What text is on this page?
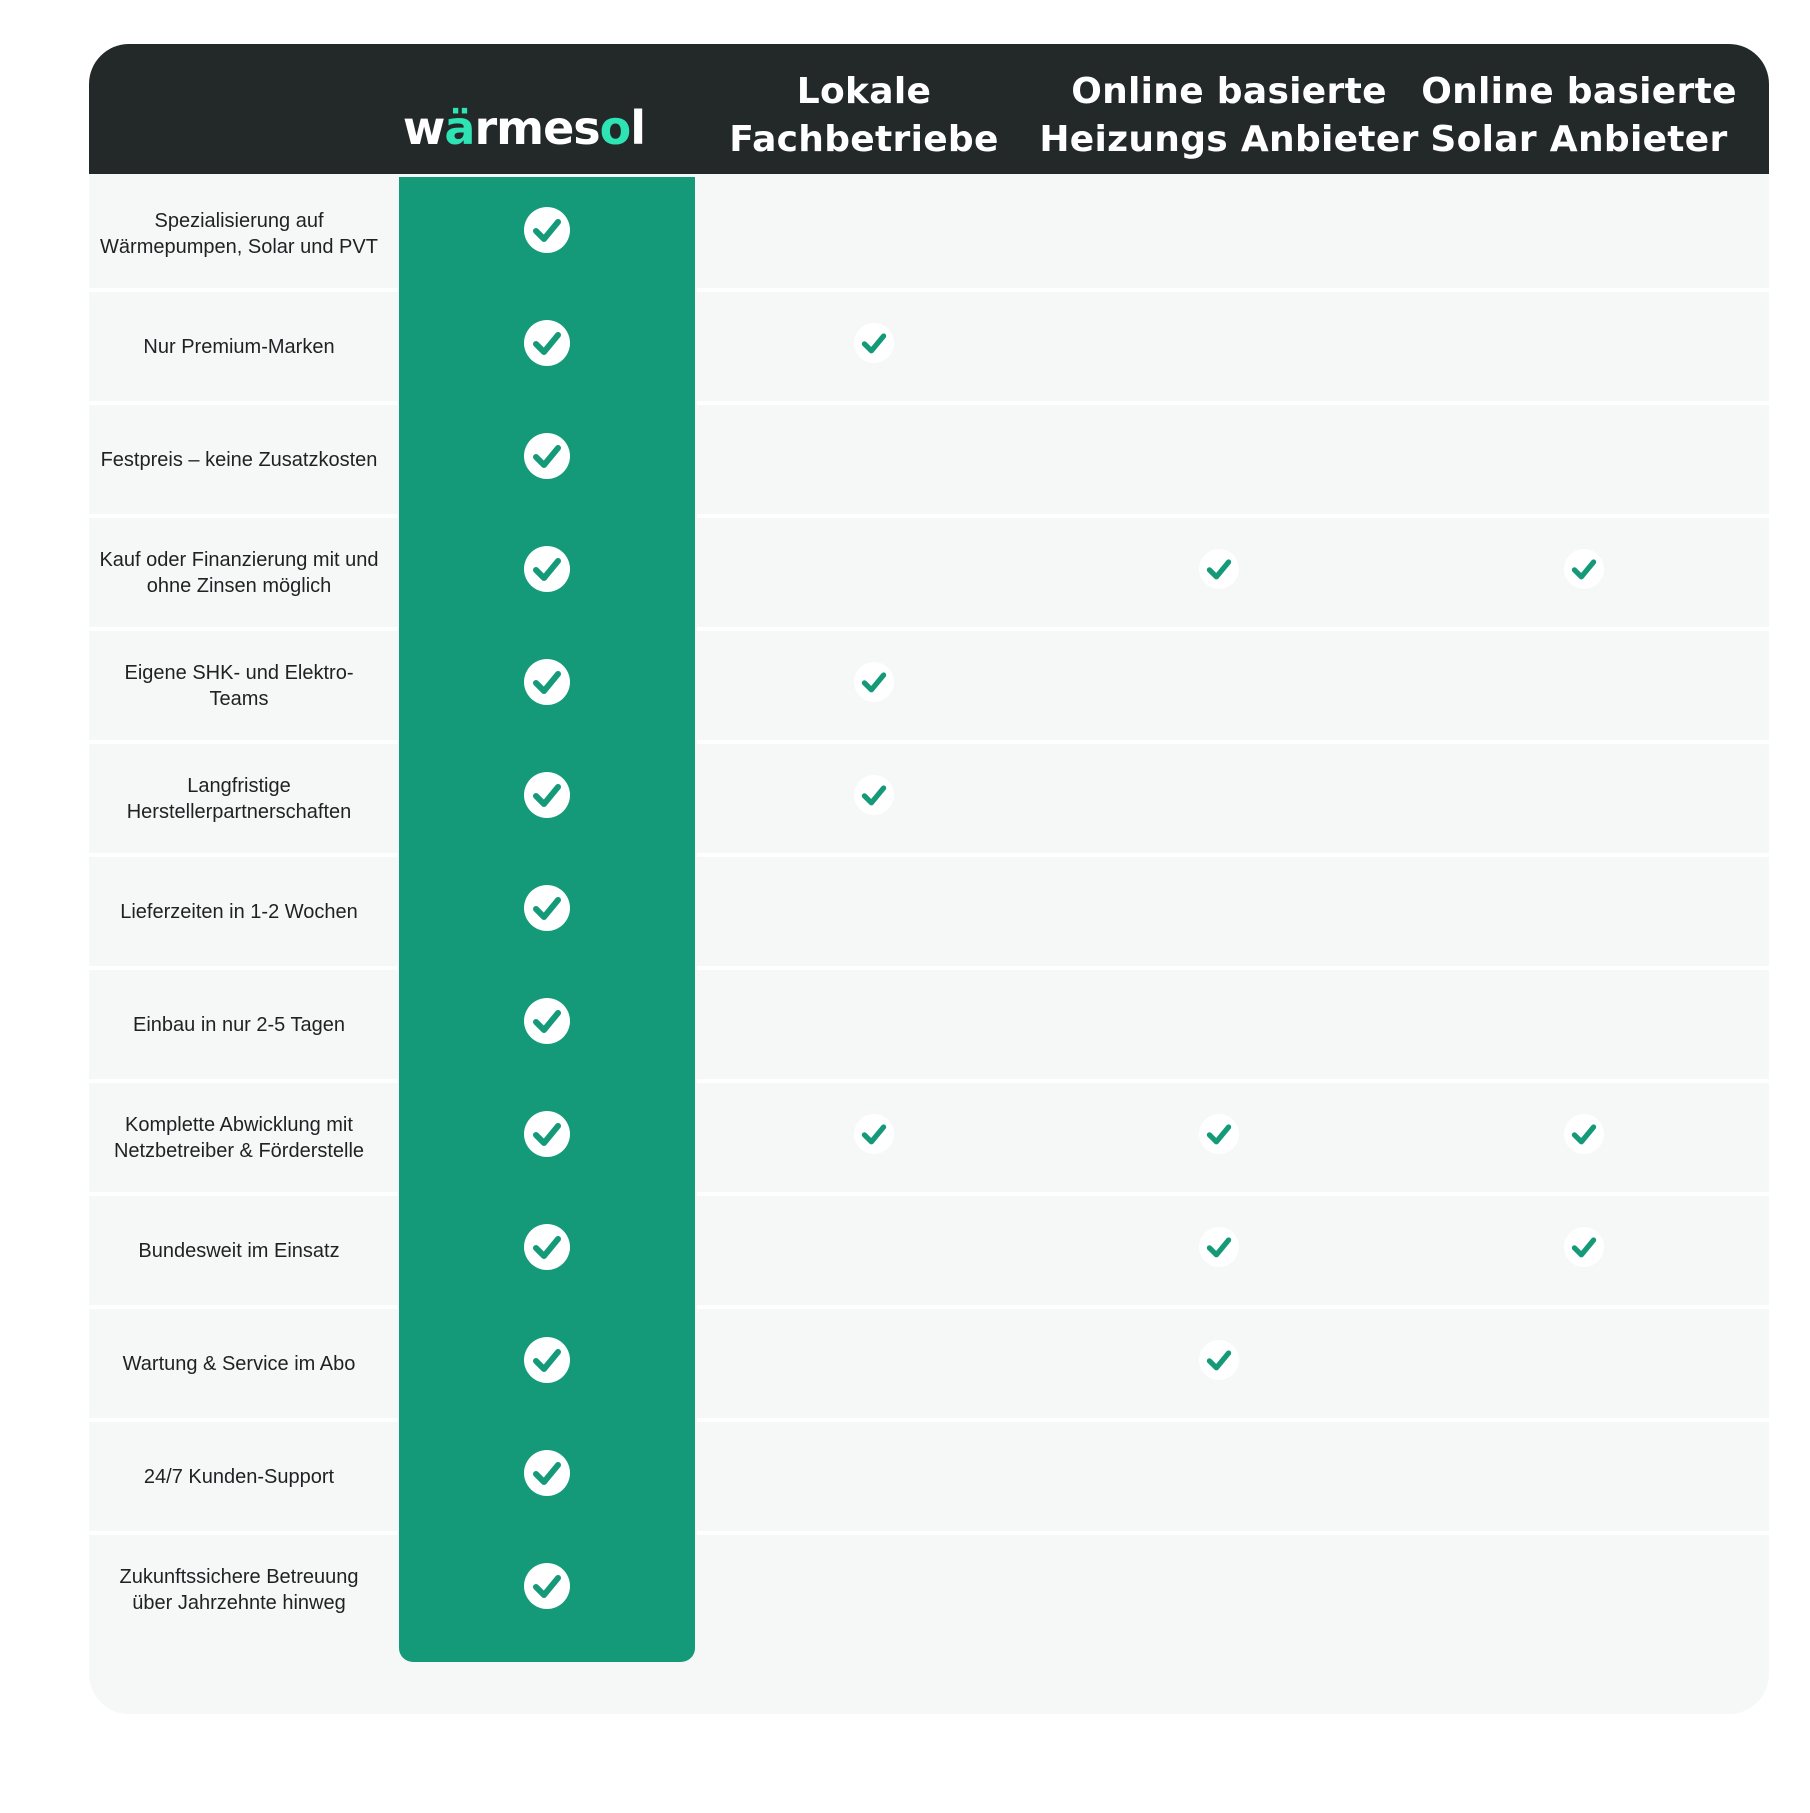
w ä rmes o l
Lokale
Fachbetriebe
Online basierte
Heizungs Anbieter
Online basierte
Solar Anbieter
Spezialisierung auf Wärmepumpen, Solar und PVT
Nur Premium-Marken
Festpreis – keine Zusatzkosten
Kauf oder Finanzierung mit und ohne Zinsen möglich
Eigene SHK- und Elektro-Teams
Langfristige Herstellerpartnerschaften
Lieferzeiten in 1-2 Wochen
Einbau in nur 2-5 Tagen
Komplette Abwicklung mit Netzbetreiber & Förderstelle
Bundesweit im Einsatz
Wartung & Service im Abo
24/7 Kunden-Support
Zukunftssichere Betreuung über Jahrzehnte hinweg
